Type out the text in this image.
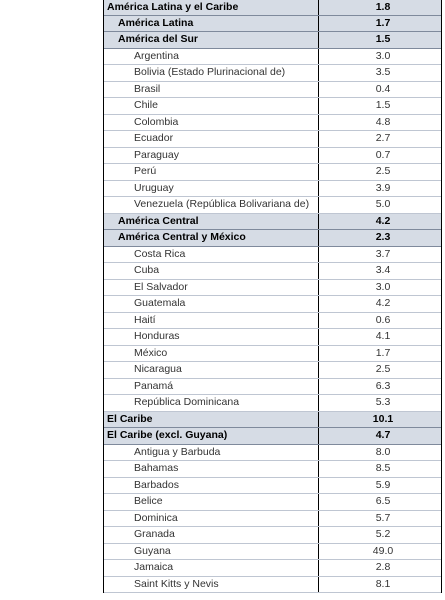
América Latina y el Caribe	1.8
América Latina	1.7
América del Sur	1.5
Argentina	3.0
Bolivia (Estado Plurinacional de)	3.5
Brasil	0.4
Chile	1.5
Colombia	4.8
Ecuador	2.7
Paraguay	0.7
Perú	2.5
Uruguay	3.9
Venezuela (República Bolivariana de)	5.0
América Central	4.2
América Central y México	2.3
Costa Rica	3.7
Cuba	3.4
El Salvador	3.0
Guatemala	4.2
Haití	0.6
Honduras	4.1
México	1.7
Nicaragua	2.5
Panamá	6.3
República Dominicana	5.3
El Caribe	10.1
El Caribe (excl. Guyana)	4.7
Antigua y Barbuda	8.0
Bahamas	8.5
Barbados	5.9
Belice	6.5
Dominica	5.7
Granada	5.2
Guyana	49.0
Jamaica	2.8
Saint Kitts y Nevis	8.1
